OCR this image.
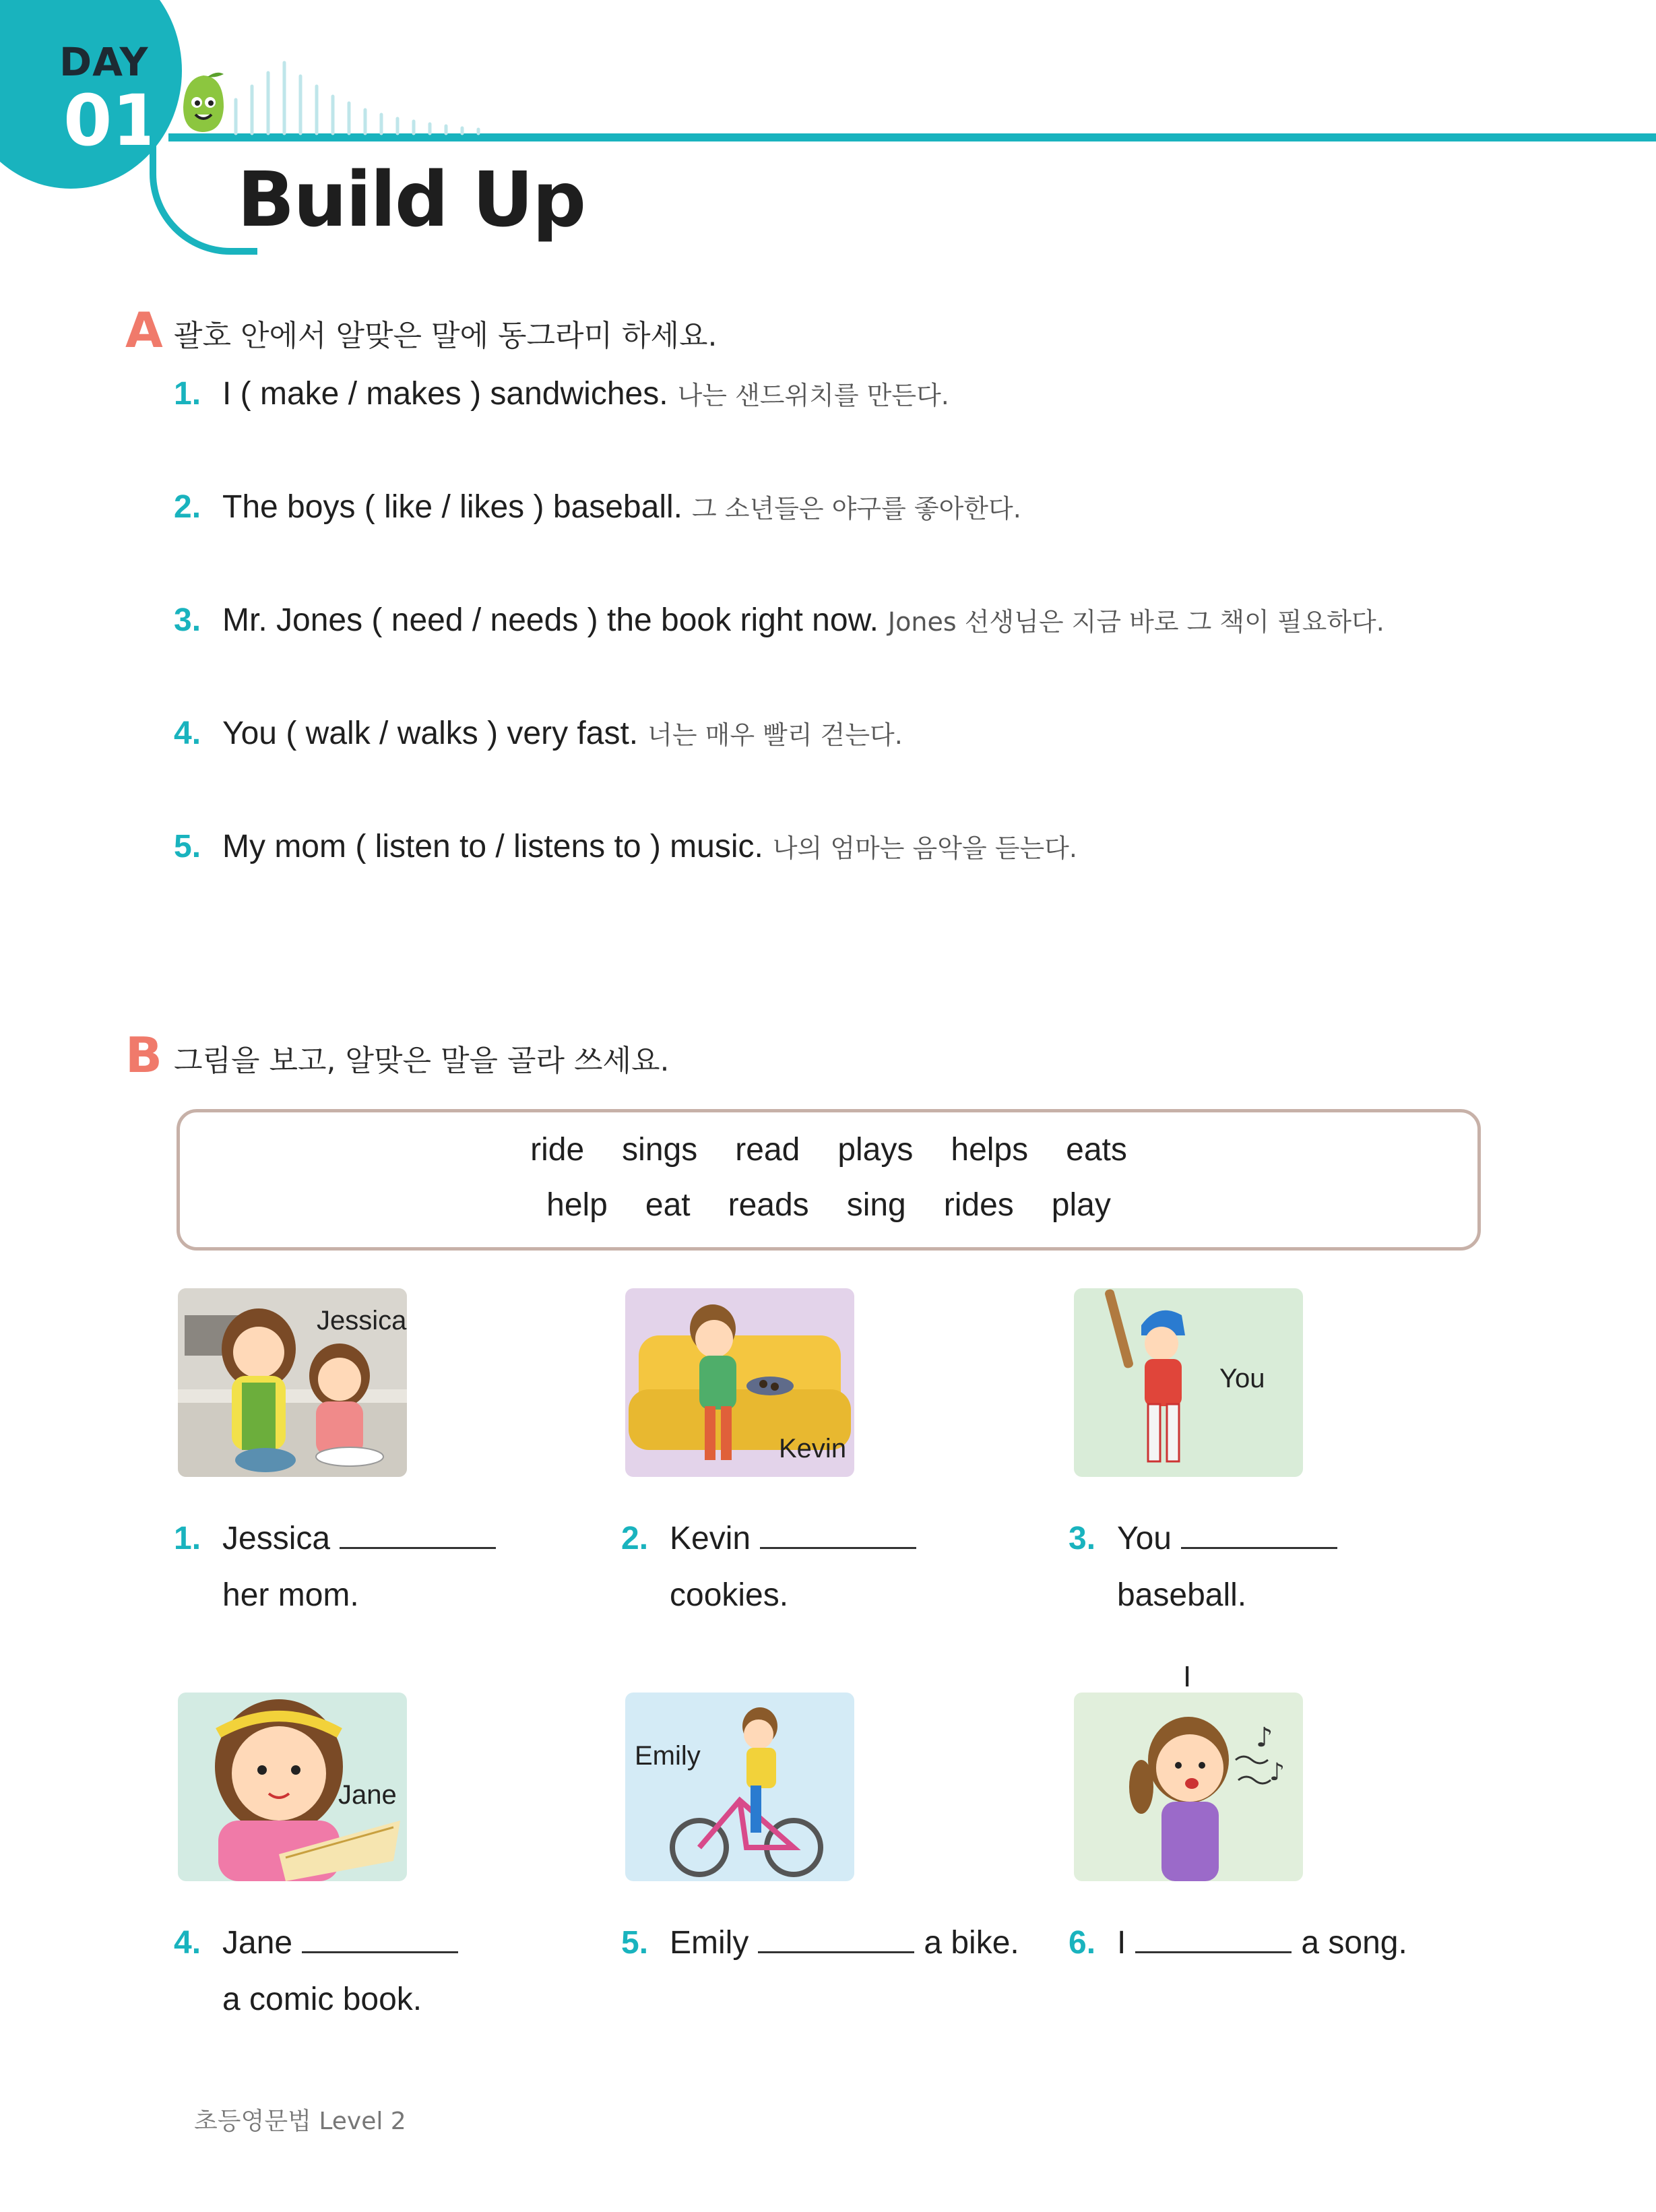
DAY
01
Build Up
A 괄호 안에서 알맞은 말에 동그라미 하세요.
1. I ( make / makes ) sandwiches. 나는 샌드위치를 만든다.
2. The boys ( like / likes ) baseball. 그 소년들은 야구를 좋아한다.
3. Mr. Jones ( need / needs ) the book right now. Jones 선생님은 지금 바로 그 책이 필요하다.
4. You ( walk / walks ) very fast. 너는 매우 빨리 걷는다.
5. My mom ( listen to / listens to ) music. 나의 엄마는 음악을 듣는다.
B 그림을 보고, 알맞은 말을 골라 쓰세요.
ride sings read plays helps eats
help eat reads sing rides play
Jessica
Kevin
You
1. Jessica
her mom.
2. Kevin
cookies.
3. You
baseball.
Jane
Emily
♪
♪
I
4. Jane
a comic book.
5. Emily	a bike. 6. I	a song.
초등영문법 Level 2
